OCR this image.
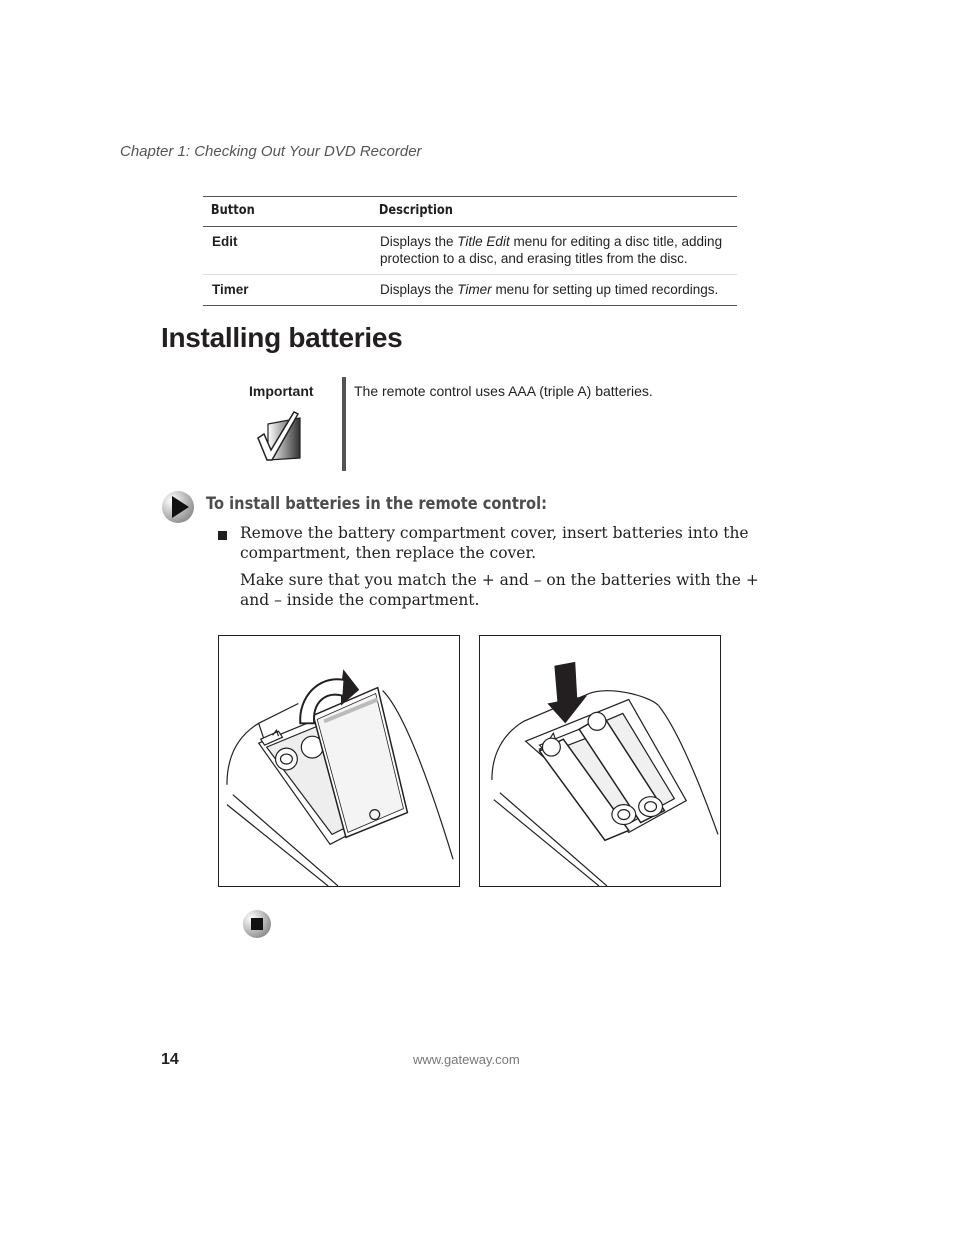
Chapter 1: Checking Out Your DVD Recorder
Button	Description
Edit	Displays the Title Edit menu for editing a disc title, adding protection to a disc, and erasing titles from the disc.
Timer	Displays the Timer menu for setting up timed recordings.
Installing batteries
Important	The remote control uses AAA (triple A) batteries.
To install batteries in the remote control:

Remove the battery compartment cover, insert batteries into the compartment, then replace the cover.

Make sure that you match the + and – on the batteries with the + and – inside the compartment.

14	www.gateway.com
